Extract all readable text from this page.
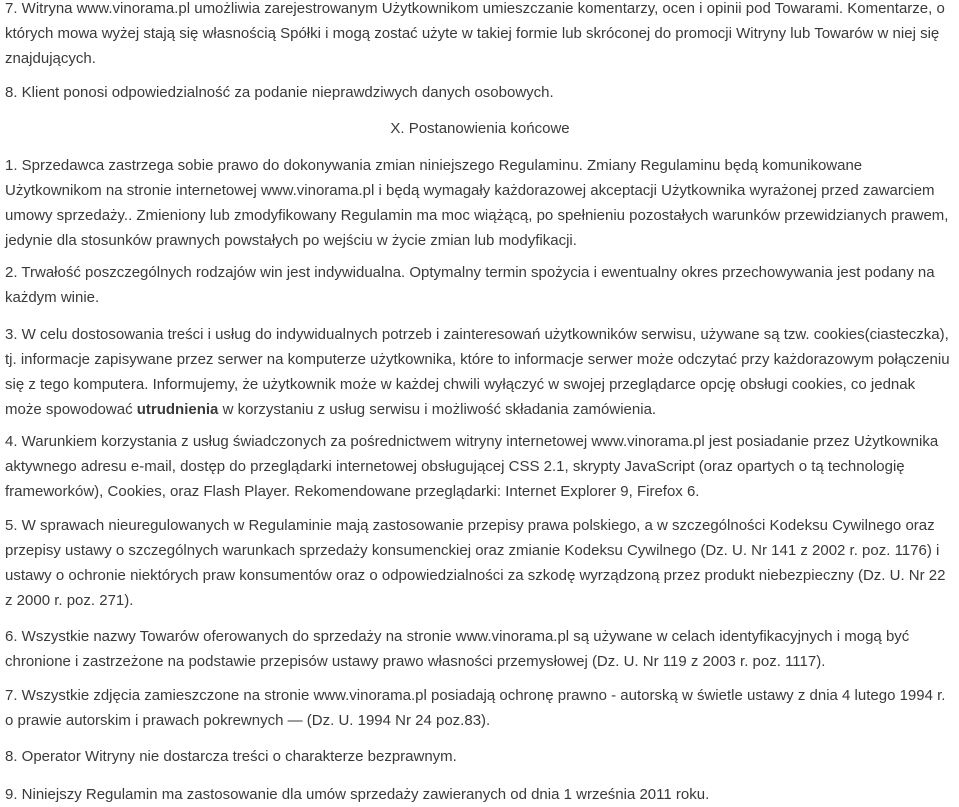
7. Witryna www.vinorama.pl umożliwia zarejestrowanym Użytkownikom umieszczanie komentarzy, ocen i opinii pod Towarami. Komentarze, o których mowa wyżej stają się własnością Spółki i mogą zostać użyte w takiej formie lub skróconej do promocji Witryny lub Towarów w niej się znajdujących.

8. Klient ponosi odpowiedzialność za podanie nieprawdziwych danych osobowych.

X. Postanowienia końcowe

1. Sprzedawca zastrzega sobie prawo do dokonywania zmian niniejszego Regulaminu. Zmiany Regulaminu będą komunikowane Użytkownikom na stronie internetowej www.vinorama.pl i będą wymagały każdorazowej akceptacji Użytkownika wyrażonej przed zawarciem umowy sprzedaży.. Zmieniony lub zmodyfikowany Regulamin ma moc wiążącą, po spełnieniu pozostałych warunków przewidzianych prawem, jedynie dla stosunków prawnych powstałych po wejściu w życie zmian lub modyfikacji.

2. Trwałość poszczególnych rodzajów win jest indywidualna. Optymalny termin spożycia i ewentualny okres przechowywania jest podany na każdym winie.

3. W celu dostosowania treści i usług do indywidualnych potrzeb i zainteresowań użytkowników serwisu, używane są tzw. cookies(ciasteczka), tj. informacje zapisywane przez serwer na komputerze użytkownika, które to informacje serwer może odczytać przy każdorazowym połączeniu się z tego komputera. Informujemy, że użytkownik może w każdej chwili wyłączyć w swojej przeglądarce opcję obsługi cookies, co jednak może spowodować utrudnienia w korzystaniu z usług serwisu i możliwość składania zamówienia.

4. Warunkiem korzystania z usług świadczonych za pośrednictwem witryny internetowej www.vinorama.pl jest posiadanie przez Użytkownika aktywnego adresu e-mail, dostęp do przeglądarki internetowej obsługującej CSS 2.1, skrypty JavaScript (oraz opartych o tą technologię frameworków), Cookies, oraz Flash Player. Rekomendowane przeglądarki: Internet Explorer 9, Firefox 6.

5. W sprawach nieuregulowanych w Regulaminie mają zastosowanie przepisy prawa polskiego, a w szczególności Kodeksu Cywilnego oraz przepisy ustawy o szczególnych warunkach sprzedaży konsumenckiej oraz zmianie Kodeksu Cywilnego (Dz. U. Nr 141 z 2002 r. poz. 1176) i ustawy o ochronie niektórych praw konsumentów oraz o odpowiedzialności za szkodę wyrządzoną przez produkt niebezpieczny (Dz. U. Nr 22 z 2000 r. poz. 271).

6. Wszystkie nazwy Towarów oferowanych do sprzedaży na stronie www.vinorama.pl są używane w celach identyfikacyjnych i mogą być chronione i zastrzeżone na podstawie przepisów ustawy prawo własności przemysłowej (Dz. U. Nr 119 z 2003 r. poz. 1117).

7. Wszystkie zdjęcia zamieszczone na stronie www.vinorama.pl posiadają ochronę prawno - autorską w świetle ustawy z dnia 4 lutego 1994 r. o prawie autorskim i prawach pokrewnych — (Dz. U. 1994 Nr 24 poz.83).

8. Operator Witryny nie dostarcza treści o charakterze bezprawnym.

9. Niniejszy Regulamin ma zastosowanie dla umów sprzedaży zawieranych od dnia 1 września 2011 roku.
